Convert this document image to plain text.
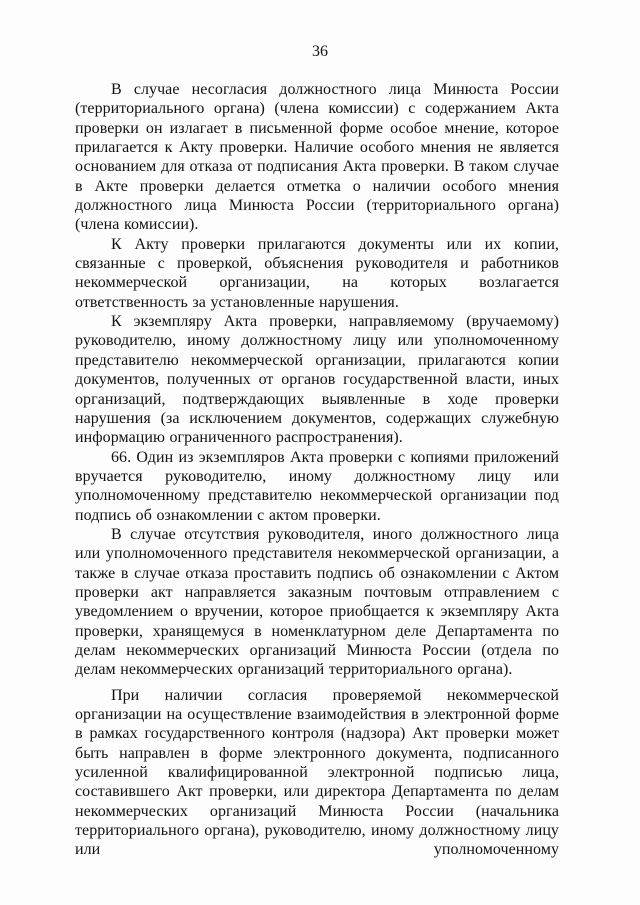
36

В случае несогласия должностного лица Минюста России (территориального органа) (члена комиссии) с содержанием Акта проверки он излагает в письменной форме особое мнение, которое прилагается к Акту проверки. Наличие особого мнения не является основанием для отказа от подписания Акта проверки. В таком случае в Акте проверки делается отметка о наличии особого мнения должностного лица Минюста России (территориального органа) (члена комиссии).

К Акту проверки прилагаются документы или их копии, связанные с проверкой, объяснения руководителя и работников некоммерческой организации, на которых возлагается ответственность за установленные нарушения.

К экземпляру Акта проверки, направляемому (вручаемому) руководителю, иному должностному лицу или уполномоченному представителю некоммерческой организации, прилагаются копии документов, полученных от органов государственной власти, иных организаций, подтверждающих выявленные в ходе проверки нарушения (за исключением документов, содержащих служебную информацию ограниченного распространения).

66. Один из экземпляров Акта проверки с копиями приложений вручается руководителю, иному должностному лицу или уполномоченному представителю некоммерческой организации под подпись об ознакомлении с актом проверки.

В случае отсутствия руководителя, иного должностного лица или уполномоченного представителя некоммерческой организации, а также в случае отказа проставить подпись об ознакомлении с Актом проверки акт направляется заказным почтовым отправлением с уведомлением о вручении, которое приобщается к экземпляру Акта проверки, хранящемуся в номенклатурном деле Департамента по делам некоммерческих организаций Минюста России (отдела по делам некоммерческих организаций территориального органа).

При наличии согласия проверяемой некоммерческой организации на осуществление взаимодействия в электронной форме в рамках государственного контроля (надзора) Акт проверки может быть направлен в форме электронного документа, подписанного усиленной квалифицированной электронной подписью лица, составившего Акт проверки, или директора Департамента по делам некоммерческих организаций Минюста России (начальника территориального органа), руководителю, иному должностному лицу или уполномоченному
